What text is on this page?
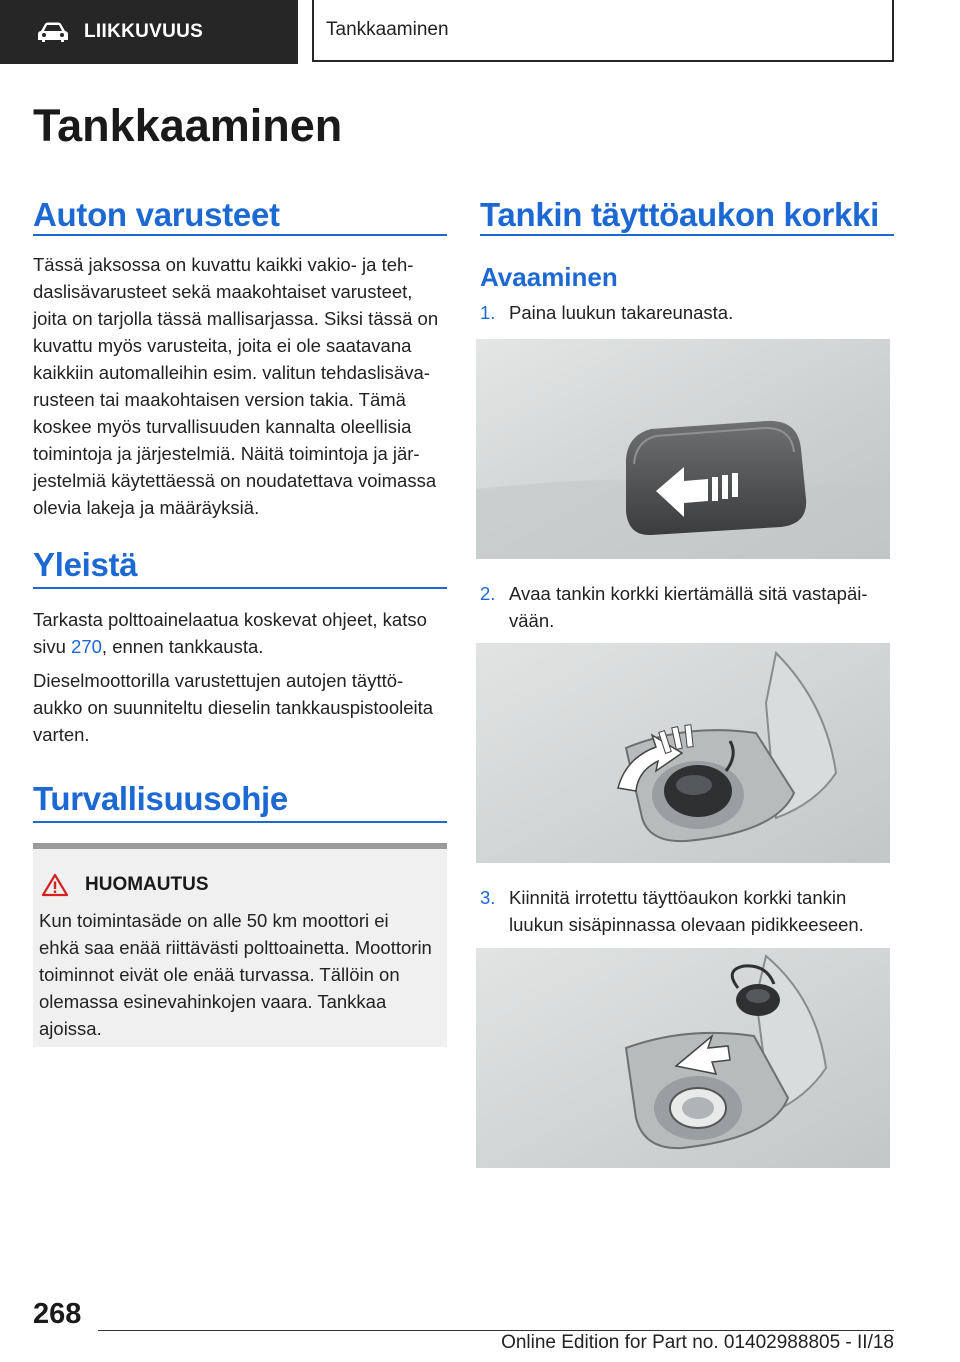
LIIKKUVUUS	Tankkaaminen
Tankkaaminen
Auton varusteet

Tässä jaksossa on kuvattu kaikki vakio- ja teh-
daslisävarusteet sekä maakohtaiset varusteet,
joita on tarjolla tässä mallisarjassa. Siksi tässä on
kuvattu myös varusteita, joita ei ole saatavana
kaikkiin automalleihin esim. valitun tehdaslisäva-
rusteen tai maakohtaisen version takia. Tämä
koskee myös turvallisuuden kannalta oleellisia
toimintoja ja järjestelmiä. Näitä toimintoja ja jär-
jestelmiä käytettäessä on noudatettava voimassa
olevia lakeja ja määräyksiä.

Yleistä

Tarkasta polttoainelaatua koskevat ohjeet, katso
sivu 270, ennen tankkausta.

Dieselmoottorilla varustettujen autojen täyttö-
aukko on suunniteltu dieselin tankkauspistooleita
varten.

Turvallisuusohje
HUOMAUTUS

Kun toimintasäde on alle 50 km moottori ei
ehkä saa enää riittävästi polttoainetta. Moottorin
toiminnot eivät ole enää turvassa. Tällöin on
olemassa esinevahinkojen vaara. Tankkaa
ajoissa.

Tankin täyttöaukon korkki
Avaaminen
1. Paina luukun takareunasta.
2. Avaa tankin korkki kiertämällä sitä vastapäi-
vään.
3. Kiinnitä irrotettu täyttöaukon korkki tankin
luukun sisäpinnassa olevaan pidikkeeseen.
268
Online Edition for Part no. 01402988805 - II/18
